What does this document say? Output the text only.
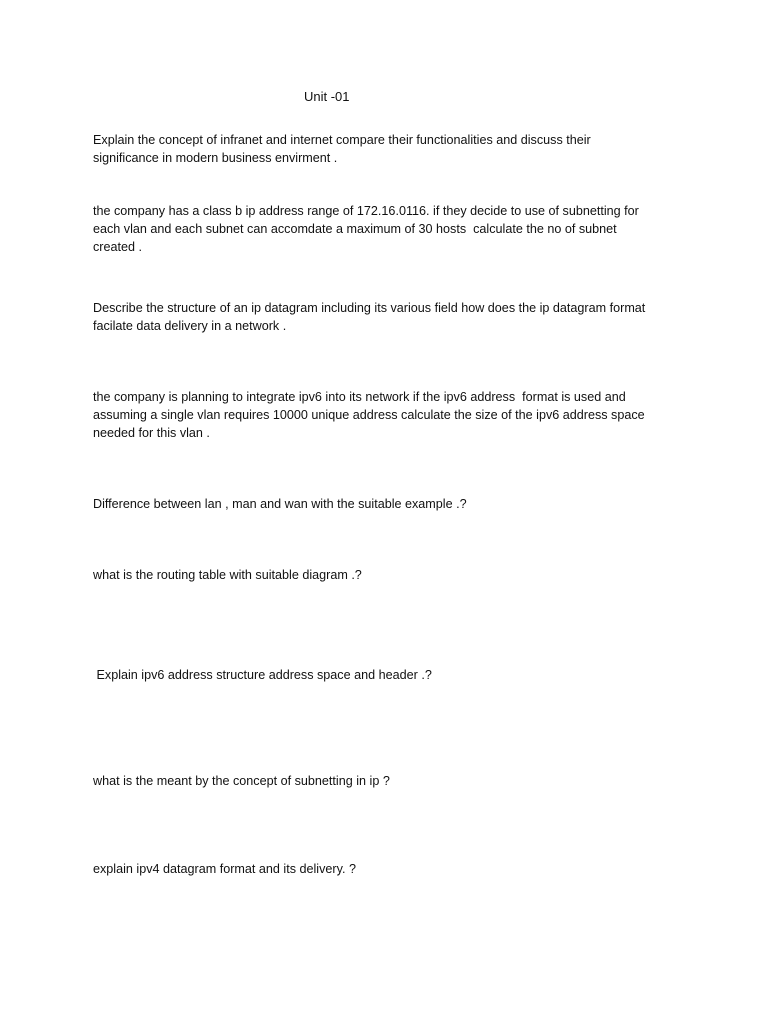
Unit -01
Explain the concept of infranet and internet compare their functionalities and discuss their
significance in modern business envirment .
the company has a class b ip address range of 172.16.0116. if they decide to use of subnetting for
each vlan and each subnet can accomdate a maximum of 30 hosts  calculate the no of subnet
created .
Describe the structure of an ip datagram including its various field how does the ip datagram format
facilate data delivery in a network .
the company is planning to integrate ipv6 into its network if the ipv6 address  format is used and
assuming a single vlan requires 10000 unique address calculate the size of the ipv6 address space
needed for this vlan .
Difference between lan , man and wan with the suitable example .?
what is the routing table with suitable diagram .?
Explain ipv6 address structure address space and header .?
what is the meant by the concept of subnetting in ip ?
explain ipv4 datagram format and its delivery. ?
